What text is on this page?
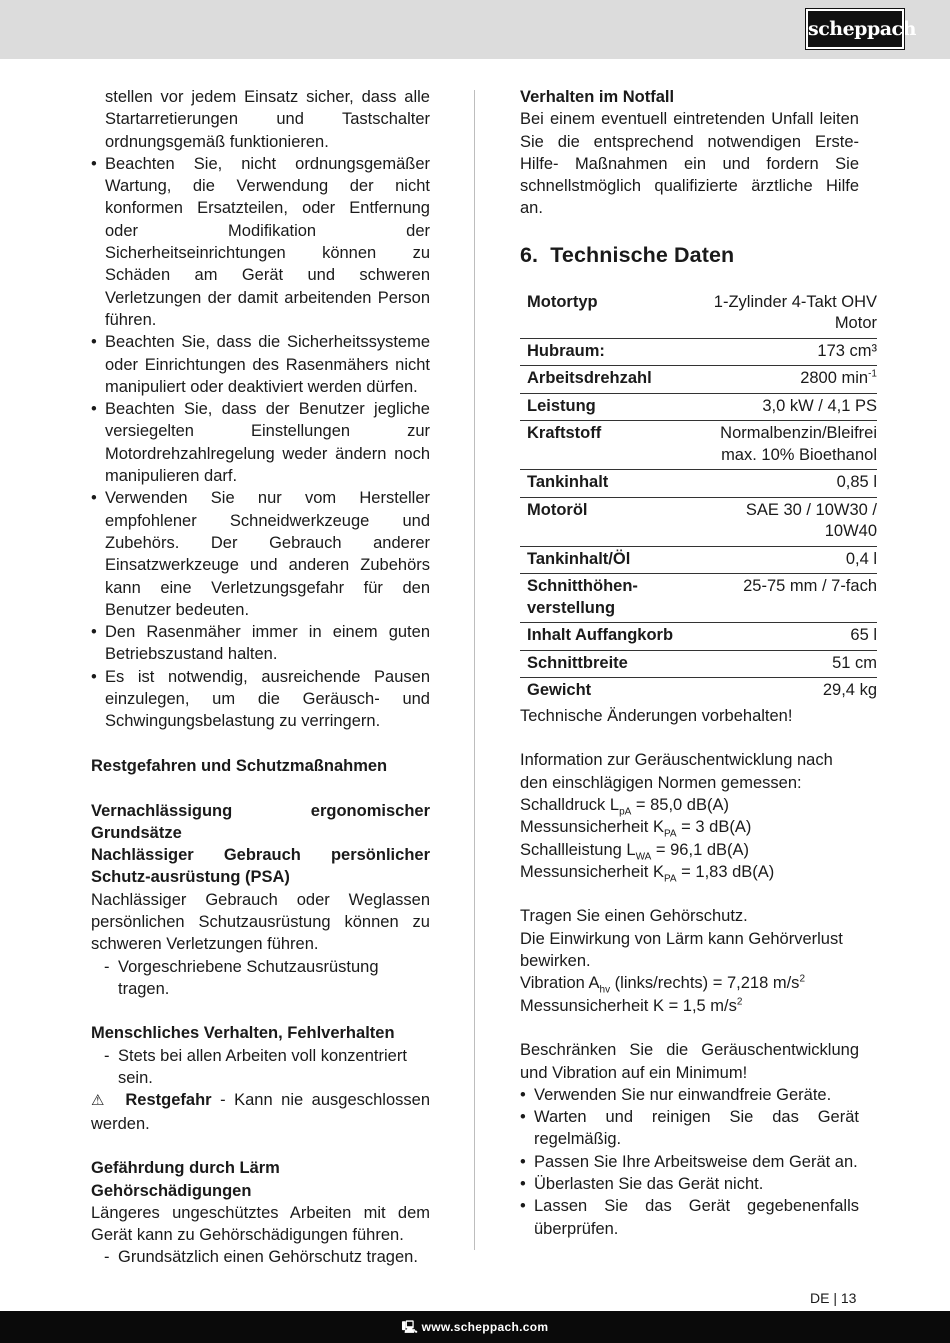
scheppach

stellen vor jedem Einsatz sicher, dass alle Startarretierungen und Tastschalter ordnungsgemäß funktionieren.

• Beachten Sie, nicht ordnungsgemäßer Wartung, die Verwendung der nicht konformen Ersatzteilen, oder Entfernung oder Modifikation der Sicherheitseinrichtungen können zu Schäden am Gerät und schweren Verletzungen der damit arbeitenden Person führen.
• Beachten Sie, dass die Sicherheitssysteme oder Einrichtungen des Rasenmähers nicht manipuliert oder deaktiviert werden dürfen.
• Beachten Sie, dass der Benutzer jegliche versiegelten Einstellungen zur Motordrehzahlregelung weder ändern noch manipulieren darf.
• Verwenden Sie nur vom Hersteller empfohlener Schneidwerkzeuge und Zubehörs. Der Gebrauch anderer Einsatzwerkzeuge und anderen Zubehörs kann eine Verletzungsgefahr für den Benutzer bedeuten.
• Den Rasenmäher immer in einem guten Betriebszustand halten.
• Es ist notwendig, ausreichende Pausen einzulegen, um die Geräusch- und Schwingungsbelastung zu verringern.

Restgefahren und Schutzmaßnahmen

Vernachlässigung	ergonomischer

Grundsätze

Nachlässiger Gebrauch persönlicher Schutz-ausrüstung (PSA)

Nachlässiger Gebrauch oder Weglassen persönlichen Schutzausrüstung können zu schweren Verletzungen führen.

- Vorgeschriebene Schutzausrüstung tragen.

Menschliches Verhalten, Fehlverhalten

- Stets bei allen Arbeiten voll konzentriert sein.

⚠ Restgefahr - Kann nie ausgeschlossen werden.

Gefährdung durch Lärm

Gehörschädigungen

Längeres ungeschütztes Arbeiten mit dem Gerät kann zu Gehörschädigungen führen.

- Grundsätzlich einen Gehörschutz tragen.

Verhalten im Notfall

Bei einem eventuell eintretenden Unfall leiten Sie die entsprechend notwendigen Erste-Hilfe- Maßnahmen ein und fordern Sie schnellstmöglich qualifizierte ärztliche Hilfe an.

6.  Technische Daten
Motortyp	1-Zylinder 4-Takt OHV Motor
Hubraum:	173 cm³
Arbeitsdrehzahl	2800 $\min^{-1}$
Leistung	3,0 kW / 4,1 PS
Kraftstoff	Normalbenzin/Bleifrei max. 10% Bioethanol
Tankinhalt	0,85 l
Motoröl	SAE 30 / 10W30 / 10W40
Tankinhalt/Öl	0,4 l
Schnitthöhen-verstellung	25-75 mm / 7-fach
Inhalt Auffangkorb	65 l
Schnittbreite	51 cm
Gewicht	29,4 kg

Technische Änderungen vorbehalten!

Information zur Geräuschentwicklung nach den einschlägigen Normen gemessen:

Schalldruck $L_{pA} = 85,0$ dB(A)

Messunsicherheit $K_{PA} = 3$ dB(A)

Schallleistung $L_{WA} = 96,1$ dB(A)

Messunsicherheit $K_{PA} = 1,83$ dB(A)

Tragen Sie einen Gehörschutz.

Die Einwirkung von Lärm kann Gehörverlust bewirken.

Vibration $A_{hv}$ (links/rechts) = 7,218 $m/s^2$

Messunsicherheit K = 1,5 $m/s^2$

Beschränken Sie die Geräuschentwicklung und Vibration auf ein Minimum!

• Verwenden Sie nur einwandfreie Geräte.
• Warten und reinigen Sie das Gerät regelmäßig.
• Passen Sie Ihre Arbeitsweise dem Gerät an.
• Überlasten Sie das Gerät nicht.
• Lassen Sie das Gerät gegebenenfalls überprüfen.
DE | 13
🖳 www.scheppach.com
